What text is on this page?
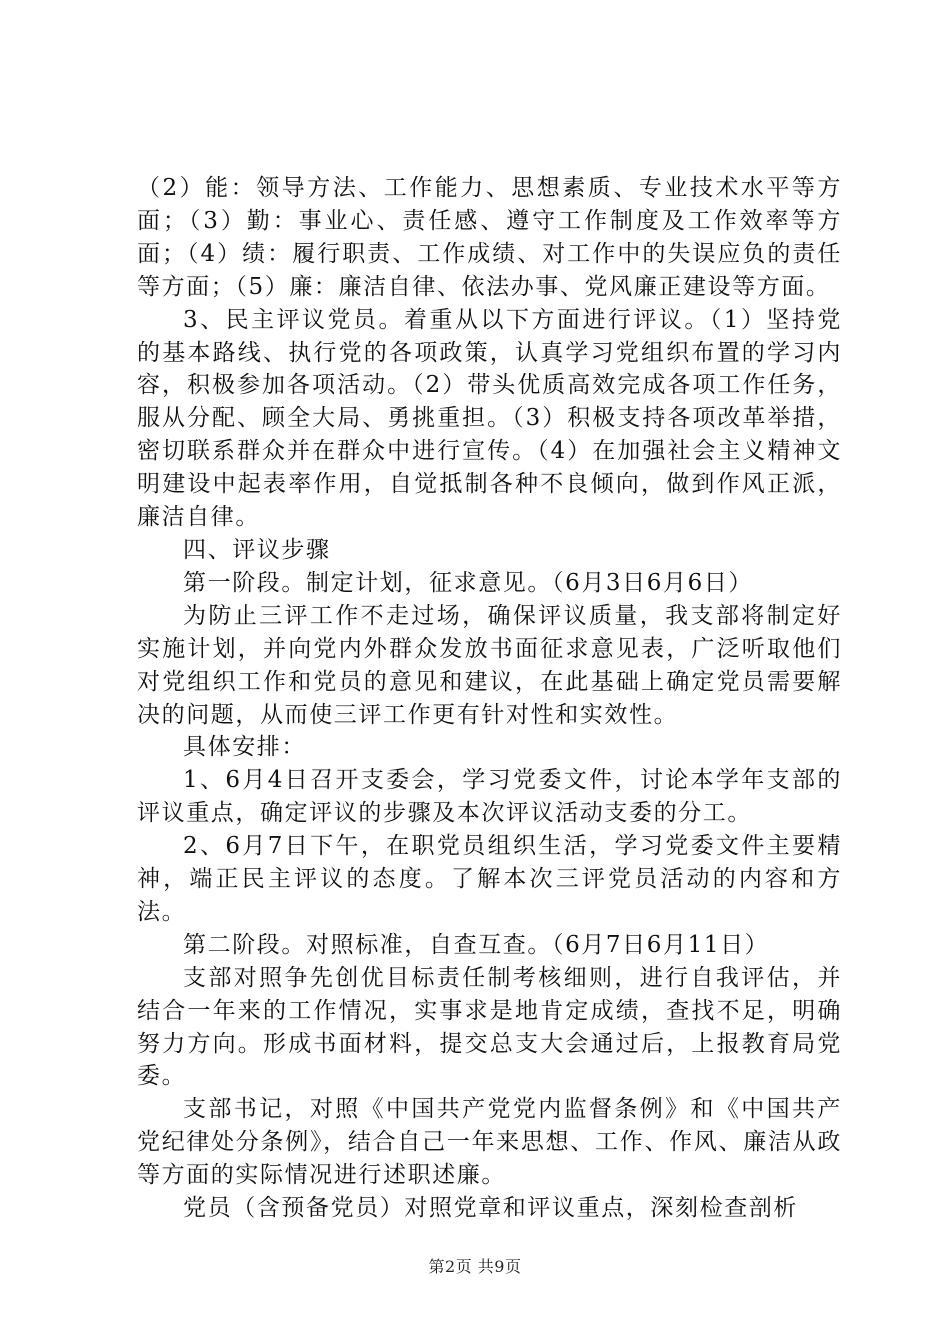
（2）能：领导方法、工作能力、思想素质、专业技术水平等方面；（3）勤：事业心、责任感、遵守工作制度及工作效率等方面；（4）绩：履行职责、工作成绩、对工作中的失误应负的责任等方面；（5）廉：廉洁自律、依法办事、党风廉正建设等方面。

3、民主评议党员。着重从以下方面进行评议。（1）坚持党的基本路线、执行党的各项政策，认真学习党组织布置的学习内容，积极参加各项活动。（2）带头优质高效完成各项工作任务，服从分配、顾全大局、勇挑重担。（3）积极支持各项改革举措，密切联系群众并在群众中进行宣传。（4）在加强社会主义精神文明建设中起表率作用，自觉抵制各种不良倾向，做到作风正派，廉洁自律。

四、评议步骤

第一阶段。制定计划，征求意见。（6月3日6月6日）

为防止三评工作不走过场，确保评议质量，我支部将制定好实施计划，并向党内外群众发放书面征求意见表，广泛听取他们对党组织工作和党员的意见和建议，在此基础上确定党员需要解决的问题，从而使三评工作更有针对性和实效性。

具体安排：

1、6月4日召开支委会，学习党委文件，讨论本学年支部的评议重点，确定评议的步骤及本次评议活动支委的分工。

2、6月7日下午，在职党员组织生活，学习党委文件主要精神，端正民主评议的态度。了解本次三评党员活动的内容和方法。

第二阶段。对照标准，自查互查。（6月7日6月11日）

支部对照争先创优目标责任制考核细则，进行自我评估，并结合一年来的工作情况，实事求是地肯定成绩，查找不足，明确努力方向。形成书面材料，提交总支大会通过后，上报教育局党委。

支部书记，对照《中国共产党党内监督条例》和《中国共产党纪律处分条例》，结合自己一年来思想、工作、作风、廉洁从政等方面的实际情况进行述职述廉。

党员（含预备党员）对照党章和评议重点，深刻检查剖析

第2页 共9页
